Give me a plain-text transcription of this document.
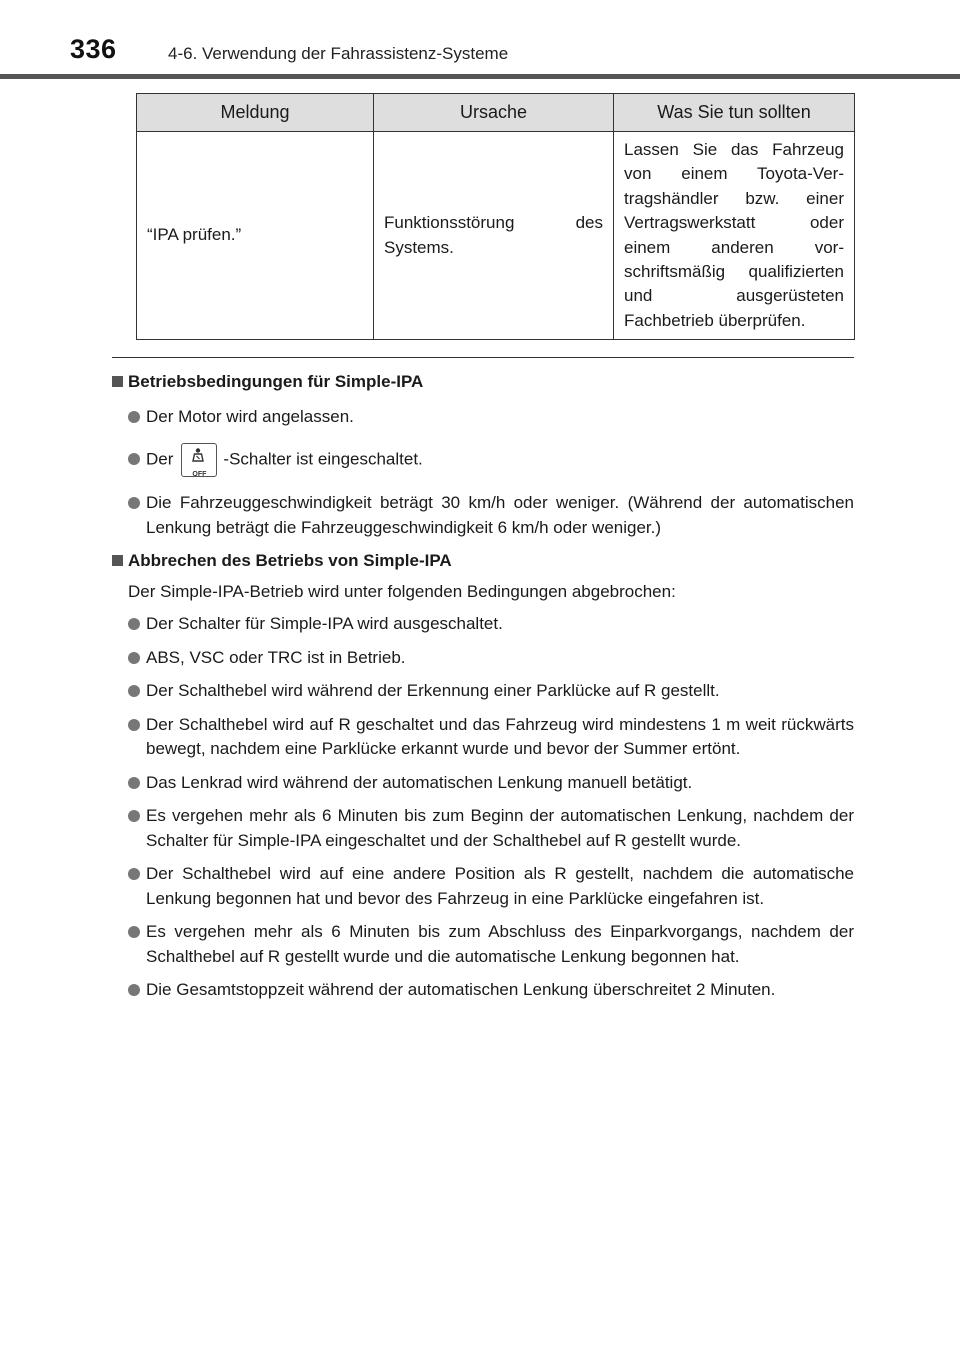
336	4-6. Verwendung der Fahrassistenz-Systeme
Meldung	Ursache	Was Sie tun sollten
“IPA prüfen.”	Funktionsstörung des Systems.	Lassen Sie das Fahrzeug von einem Toyota-Vertragshändler bzw. einer Vertragswerkstatt oder einem anderen vorschriftsmäßig qualifizierten und ausgerüsteten Fachbetrieb überprüfen.
Betriebsbedingungen für Simple-IPA
Der Motor wird angelassen.
Der
OFF
-Schalter ist eingeschaltet.
Die Fahrzeuggeschwindigkeit beträgt 30 km/h oder weniger. (Während der automatischen Lenkung beträgt die Fahrzeuggeschwindigkeit 6 km/h oder weniger.)
Abbrechen des Betriebs von Simple-IPA
Der Simple-IPA-Betrieb wird unter folgenden Bedingungen abgebrochen:
Der Schalter für Simple-IPA wird ausgeschaltet.
ABS, VSC oder TRC ist in Betrieb.
Der Schalthebel wird während der Erkennung einer Parklücke auf R gestellt.
Der Schalthebel wird auf R geschaltet und das Fahrzeug wird mindestens 1 m weit rückwärts bewegt, nachdem eine Parklücke erkannt wurde und bevor der Summer ertönt.
Das Lenkrad wird während der automatischen Lenkung manuell betätigt.
Es vergehen mehr als 6 Minuten bis zum Beginn der automatischen Lenkung, nachdem der Schalter für Simple-IPA eingeschaltet und der Schalthebel auf R gestellt wurde.
Der Schalthebel wird auf eine andere Position als R gestellt, nachdem die automatische Lenkung begonnen hat und bevor des Fahrzeug in eine Parklücke eingefahren ist.
Es vergehen mehr als 6 Minuten bis zum Abschluss des Einparkvorgangs, nachdem der Schalthebel auf R gestellt wurde und die automatische Lenkung begonnen hat.
Die Gesamtstoppzeit während der automatischen Lenkung überschreitet 2 Minuten.
